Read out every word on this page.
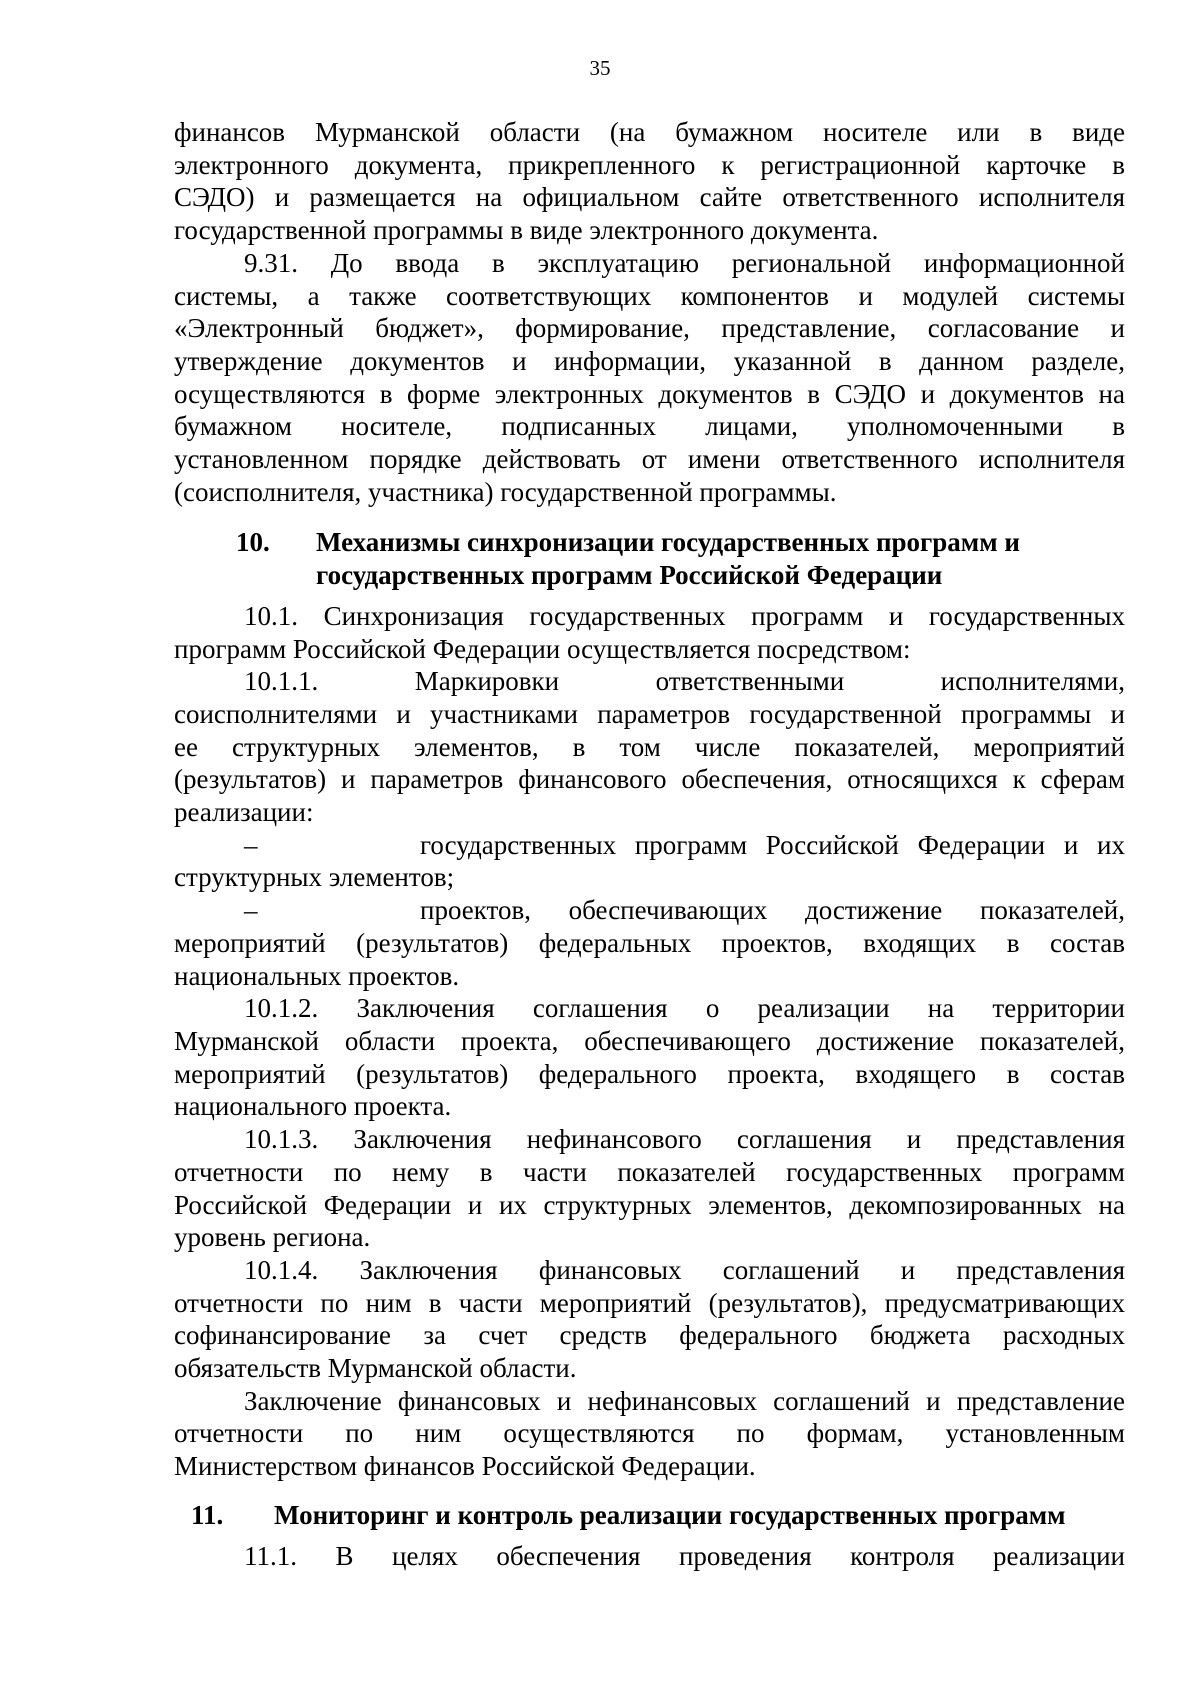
35

финансов Мурманской области (на бумажном носителе или в виде

электронного документа, прикрепленного к регистрационной карточке в

СЭДО) и размещается на официальном сайте ответственного исполнителя

государственной программы в виде электронного документа.

9.31. До ввода в эксплуатацию региональной информационной

системы, а также соответствующих компонентов и модулей системы

«Электронный бюджет», формирование, представление, согласование и

утверждение документов и информации, указанной в данном разделе,

осуществляются в форме электронных документов в СЭДО и документов на

бумажном носителе, подписанных лицами, уполномоченными в

установленном порядке действовать от имени ответственного исполнителя

(соисполнителя, участника) государственной программы.

10.	Механизмы синхронизации государственных программ и
государственных программ Российской Федерации

10.1. Синхронизация государственных программ и государственных

программ Российской Федерации осуществляется посредством:

10.1.1. Маркировки ответственными исполнителями,

соисполнителями и участниками параметров государственной программы и

ее структурных элементов, в том числе показателей, мероприятий

(результатов) и параметров финансового обеспечения, относящихся к сферам

реализации:

–	государственных программ Российской Федерации и их

структурных элементов;

–	проектов, обеспечивающих достижение показателей,

мероприятий (результатов) федеральных проектов, входящих в состав

национальных проектов.

10.1.2. Заключения соглашения о реализации на территории

Мурманской области проекта, обеспечивающего достижение показателей,

мероприятий (результатов) федерального проекта, входящего в состав

национального проекта.

10.1.3. Заключения нефинансового соглашения и представления

отчетности по нему в части показателей государственных программ

Российской Федерации и их структурных элементов, декомпозированных на

уровень региона.

10.1.4. Заключения финансовых соглашений и представления

отчетности по ним в части мероприятий (результатов), предусматривающих

софинансирование за счет средств федерального бюджета расходных

обязательств Мурманской области.

Заключение финансовых и нефинансовых соглашений и представление

отчетности по ним осуществляются по формам, установленным

Министерством финансов Российской Федерации.

11.	Мониторинг и контроль реализации государственных программ

11.1. В целях обеспечения проведения контроля реализации
